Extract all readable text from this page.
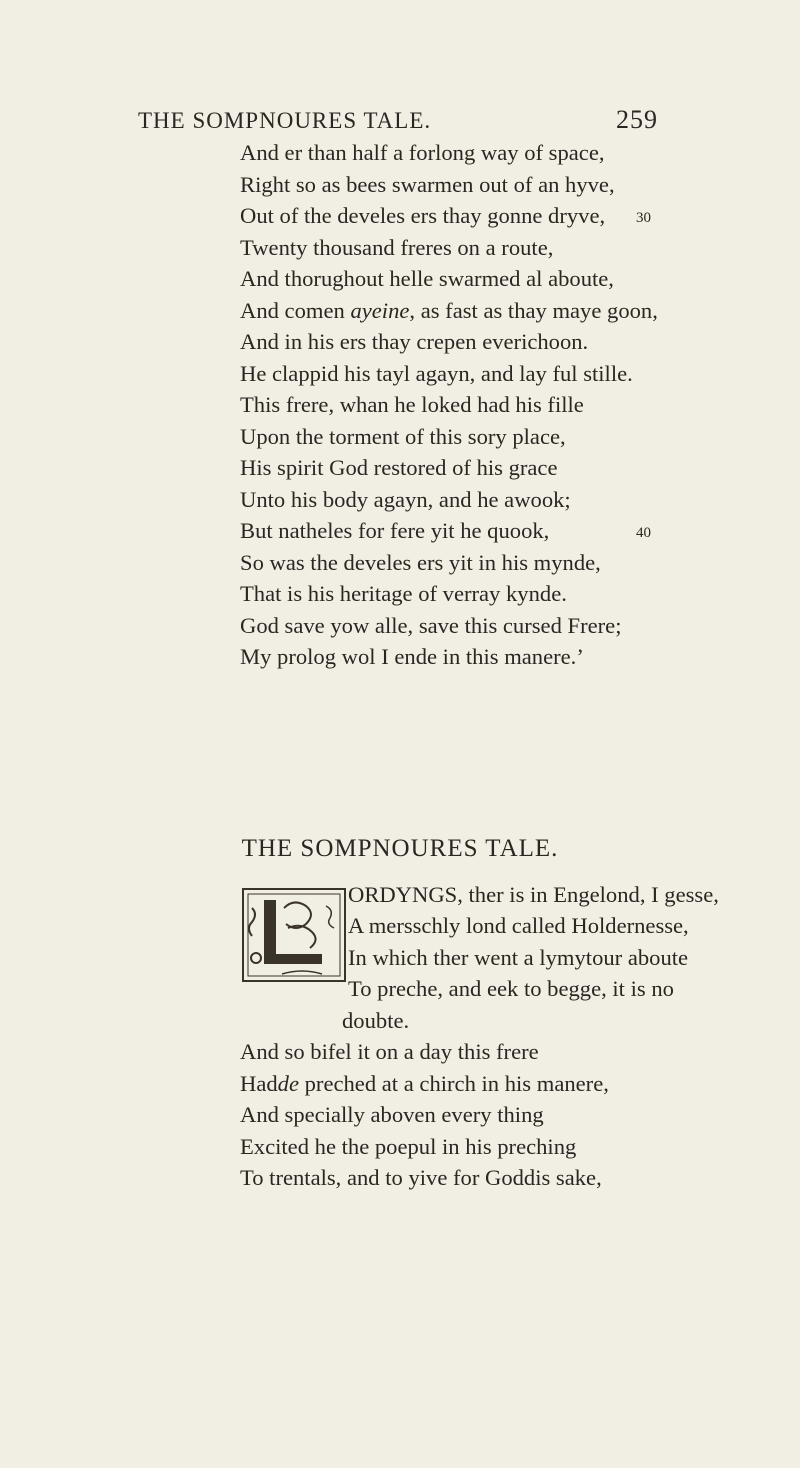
THE SOMPNOURES TALE.	259
And er than half a forlong way of space,
Right so as bees swarmen out of an hyve,
Out of the develes ers thay gonne dryve,
Twenty thousand freres on a route,
And thorughout helle swarmed al aboute,
And comen ayeine, as fast as thay maye goon,
And in his ers thay crepen everichoon.
He clappid his tayl agayn, and lay ful stille.
This frere, whan he loked had his fille
Upon the torment of this sory place,
His spirit God restored of his grace
Unto his body agayn, and he awook;
But natheles for fere yit he quook,
So was the develes ers yit in his mynde,
That is his heritage of verray kynde.
God save yow alle, save this cursed Frere;
My prolog wol I ende in this manere.’
30
40
THE SOMPNOURES TALE.
ORDYNGS, ther is in Engelond, I gesse,
A mersschly lond called Holdernesse,
In which ther went a lymytour aboute
To preche, and eek to begge, it is no
doubte.
And so bifel it on a day this frere
Hadde preched at a chirch in his manere,
And specially aboven every thing
Excited he the poepul in his preching
To trentals, and to yive for Goddis sake,
